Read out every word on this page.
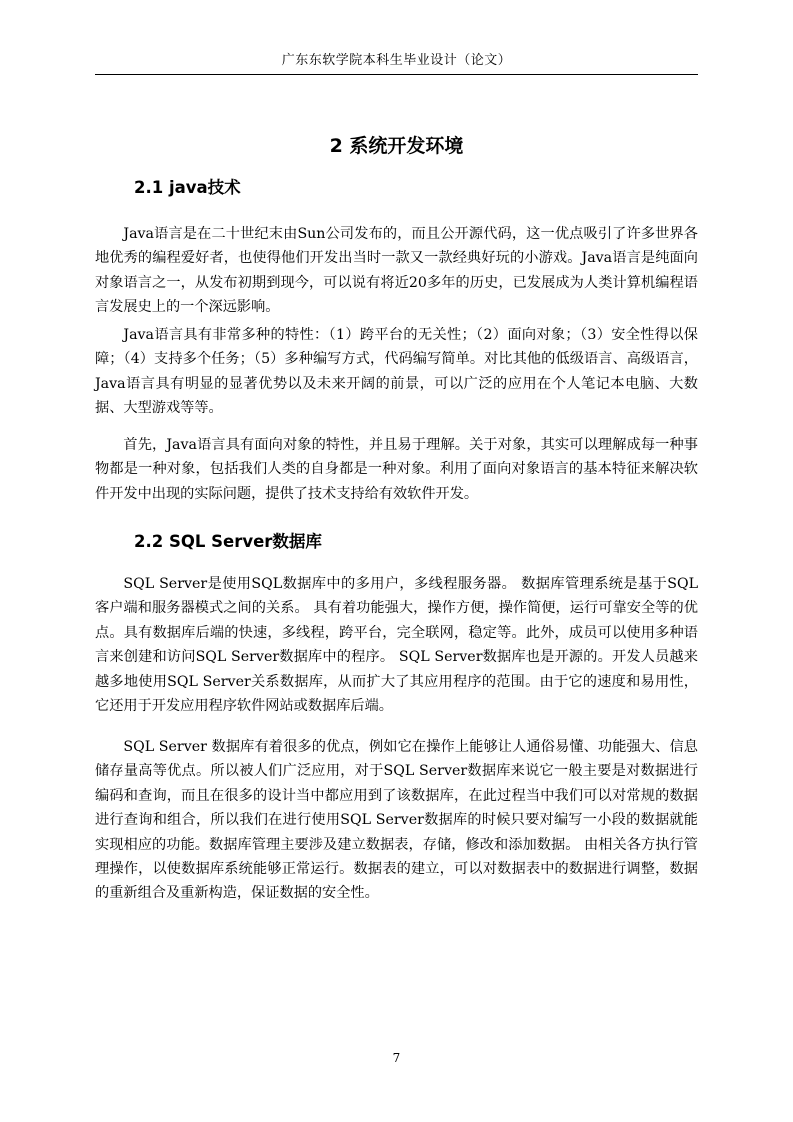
广东东软学院本科生毕业设计（论文）
2 系统开发环境
2.1 java技术

Java语言是在二十世纪末由Sun公司发布的，而且公开源代码，这一优点吸引了许多世界各地优秀的编程爱好者，也使得他们开发出当时一款又一款经典好玩的小游戏。Java语言是纯面向对象语言之一，从发布初期到现今，可以说有将近20多年的历史，已发展成为人类计算机编程语言发展史上的一个深远影响。

Java语言具有非常多种的特性：（1）跨平台的无关性；（2）面向对象；（3）安全性得以保障；（4）支持多个任务；（5）多种编写方式，代码编写简单。对比其他的低级语言、高级语言，Java语言具有明显的显著优势以及未来开阔的前景，可以广泛的应用在个人笔记本电脑、大数据、大型游戏等等。

首先，Java语言具有面向对象的特性，并且易于理解。关于对象，其实可以理解成每一种事物都是一种对象，包括我们人类的自身都是一种对象。利用了面向对象语言的基本特征来解决软件开发中出现的实际问题，提供了技术支持给有效软件开发。

2.2 SQL Server数据库

SQL Server是使用SQL数据库中的多用户，多线程服务器。 数据库管理系统是基于SQL客户端和服务器模式之间的关系。 具有着功能强大，操作方便，操作简便，运行可靠安全等的优点。具有数据库后端的快速，多线程，跨平台，完全联网，稳定等。此外，成员可以使用多种语言来创建和访问SQL Server数据库中的程序。 SQL Server数据库也是开源的。开发人员越来越多地使用SQL Server关系数据库，从而扩大了其应用程序的范围。由于它的速度和易用性，它还用于开发应用程序软件网站或数据库后端。

SQL Server 数据库有着很多的优点，例如它在操作上能够让人通俗易懂、功能强大、信息储存量高等优点。所以被人们广泛应用，对于SQL Server数据库来说它一般主要是对数据进行编码和查询，而且在很多的设计当中都应用到了该数据库，在此过程当中我们可以对常规的数据进行查询和组合，所以我们在进行使用SQL Server数据库的时候只要对编写一小段的数据就能实现相应的功能。数据库管理主要涉及建立数据表，存储，修改和添加数据。 由相关各方执行管理操作，以使数据库系统能够正常运行。数据表的建立，可以对数据表中的数据进行调整，数据的重新组合及重新构造，保证数据的安全性。

7
